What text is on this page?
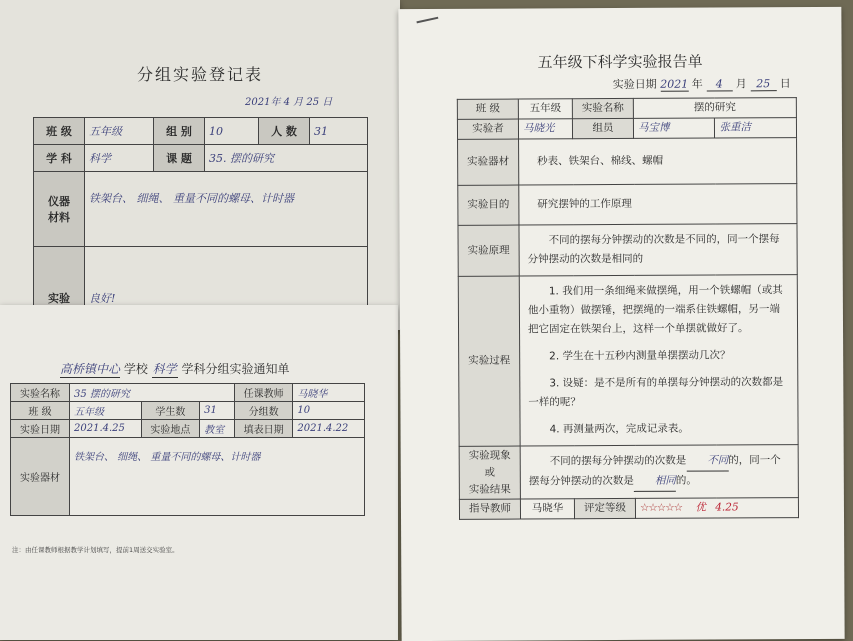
分组实验登记表
2021年 4 月 25 日
班 级	五年级	组 别	10	人 数	31
学 科	科学	课 题	35. 摆的研究		
仪器
材料	铁架台、 细绳、 重量不同的螺母、计时器				
实验	良好!				
高桥镇中心 学校 科学 学科分组实验通知单
实验名称	35 摆的研究			任课教师	马晓华
班 级	五年级	学生数	31	分组数	10
实验日期	2021.4.25	实验地点	教室	填表日期	2021.4.22
实验器材	铁架台、 细绳、 重量不同的螺母、计时器				
注：由任课教师根据教学计划填写，提前1周送交实验室。
五年级下科学实验报告单
实验日期 2021 年 4 月 25 日
班 级	五年级	实验名称	摆的研究	
实验者	马晓光	组员	马宝博	张重洁
实验器材	秒表、铁架台、棉线、螺帽			
实验目的	研究摆钟的工作原理			
实验原理	不同的摆每分钟摆动的次数是不同的，同一个摆每分钟摆动的次数是相同的			

实验过程	1. 我们用一条细绳来做摆绳，用一个铁螺帽（或其他小重物）做摆锤，把摆绳的一端系住铁螺帽，另一端把它固定在铁架台上，这样一个单摆就做好了。

2. 学生在十五秒内测量单摆摆动几次？

3. 设疑：是不是所有的单摆每分钟摆动的次数都是一样的呢？

4. 再测量两次，完成记录表。			

实验现象
或
实验结果	不同的摆每分钟摆动的次数是 不同的，同一个摆每分钟摆动的次数是 相同的。			

指导教师	马晓华	评定等级	☆☆☆☆☆ 优 4.25	
